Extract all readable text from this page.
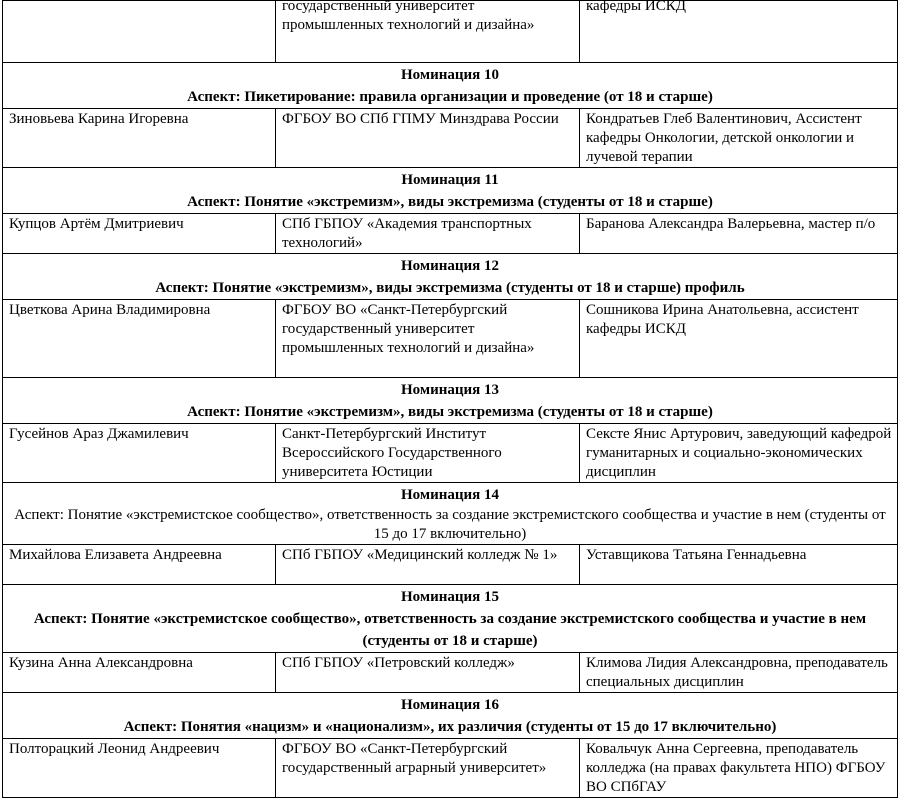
	государственный университет промышленных технологий и дизайна»	кафедры ИСКД

Номинация 10
Аспект: Пикетирование: правила организации и проведение (от 18 и старше)		

Зиновьева Карина Игоревна	ФГБОУ ВО СПб ГПМУ Минздрава России	Кондратьев Глеб Валентинович, Ассистент кафедры Онкологии, детской онкологии и лучевой терапии

Номинация 11
Аспект: Понятие «экстремизм», виды экстремизма (студенты от 18 и старше)		

Купцов Артём Дмитриевич	СПб ГБПОУ «Академия транспортных технологий»	Баранова Александра Валерьевна, мастер п/о

Номинация 12
Аспект: Понятие «экстремизм», виды экстремизма (студенты от 18 и старше) профиль		

Цветкова Арина Владимировна	ФГБОУ ВО «Санкт-Петербургский государственный университет промышленных технологий и дизайна»	Сошникова Ирина Анатольевна, ассистент кафедры ИСКД

Номинация 13
Аспект: Понятие «экстремизм», виды экстремизма (студенты от 18 и старше)		

Гусейнов Араз Джамилевич	Санкт-Петербургский Институт Всероссийского Государственного университета Юстиции	Сексте Янис Артурович, заведующий кафедрой гуманитарных и социально-экономических дисциплин

Номинация 14
Аспект: Понятие «экстремистское сообщество», ответственность за создание экстремистского сообщества и участие в нем (студенты от 15 до 17 включительно)		

Михайлова Елизавета Андреевна	СПб ГБПОУ «Медицинский колледж № 1»	Уставщикова Татьяна Геннадьевна

Номинация 15
Аспект: Понятие «экстремистское сообщество», ответственность за создание экстремистского сообщества и участие в нем (студенты от 18 и старше)		

Кузина Анна Александровна	СПб ГБПОУ «Петровский колледж»	Климова Лидия Александровна, преподаватель специальных дисциплин

Номинация 16
Аспект: Понятия «нацизм» и «национализм», их различия (студенты от 15 до 17 включительно)		

Полторацкий Леонид Андреевич	ФГБОУ ВО «Санкт-Петербургский государственный аграрный университет»	Ковальчук Анна Сергеевна, преподаватель колледжа (на правах факультета НПО) ФГБОУ ВО СПбГАУ
